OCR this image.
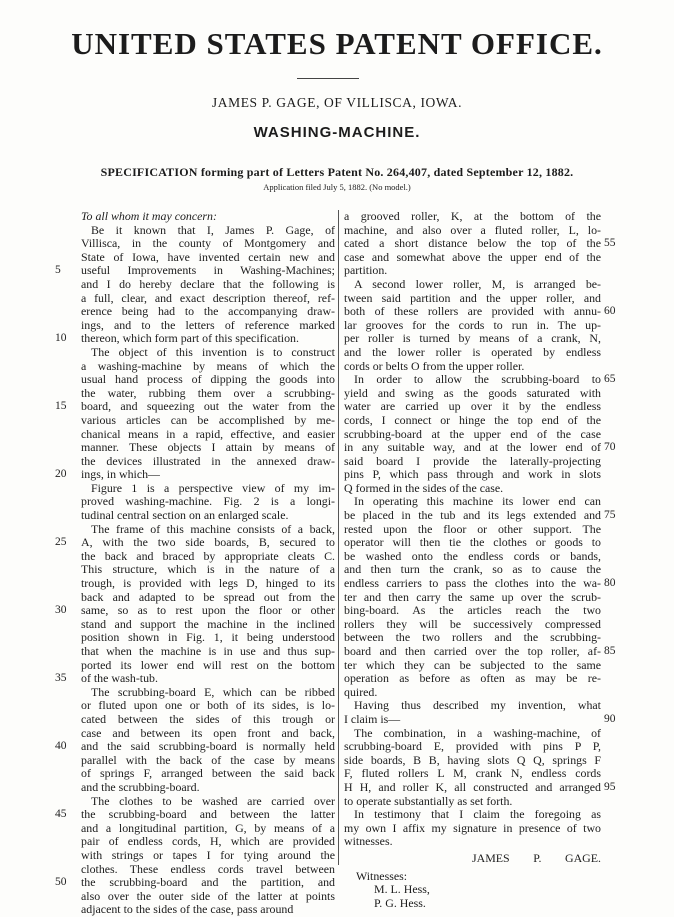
UNITED STATES PATENT OFFICE.
JAMES P. GAGE, OF VILLISCA, IOWA.
WASHING-MACHINE.
SPECIFICATION forming part of Letters Patent No. 264,407, dated September 12, 1882.
Application filed July 5, 1882. (No model.)
To all whom it may concern:
Be it known that I, James P. Gage, of
Villisca, in the county of Montgomery and
State of Iowa, have invented certain new and
useful Improvements in Washing-Machines;
and I do hereby declare that the following is
a full, clear, and exact description thereof, ref-
erence being had to the accompanying draw-
ings, and to the letters of reference marked
thereon, which form part of this specification.
The object of this invention is to construct
a washing-machine by means of which the
usual hand process of dipping the goods into
the water, rubbing them over a scrubbing-
board, and squeezing out the water from the
various articles can be accomplished by me-
chanical means in a rapid, effective, and easier
manner. These objects I attain by means of
the devices illustrated in the annexed draw-
ings, in which—
Figure 1 is a perspective view of my im-
proved washing-machine. Fig. 2 is a longi-
tudinal central section on an enlarged scale.
The frame of this machine consists of a back,
A, with the two side boards, B, secured to
the back and braced by appropriate cleats C.
This structure, which is in the nature of a
trough, is provided with legs D, hinged to its
back and adapted to be spread out from the
same, so as to rest upon the floor or other
stand and support the machine in the inclined
position shown in Fig. 1, it being understood
that when the machine is in use and thus sup-
ported its lower end will rest on the bottom
of the wash-tub.
The scrubbing-board E, which can be ribbed
or fluted upon one or both of its sides, is lo-
cated between the sides of this trough or
case and between its open front and back,
and the said scrubbing-board is normally held
parallel with the back of the case by means
of springs F, arranged between the said back
and the scrubbing-board.
The clothes to be washed are carried over
the scrubbing-board and between the latter
and a longitudinal partition, G, by means of a
pair of endless cords, H, which are provided
with strings or tapes I for tying around the
clothes. These endless cords travel between
the scrubbing-board and the partition, and
also over the outer side of the latter at points
adjacent to the sides of the case, pass around
a grooved roller, K, at the bottom of the
machine, and also over a fluted roller, L, lo-
cated a short distance below the top of the
case and somewhat above the upper end of the
partition.
A second lower roller, M, is arranged be-
tween said partition and the upper roller, and
both of these rollers are provided with annu-
lar grooves for the cords to run in. The up-
per roller is turned by means of a crank, N,
and the lower roller is operated by endless
cords or belts O from the upper roller.
In order to allow the scrubbing-board to
yield and swing as the goods saturated with
water are carried up over it by the endless
cords, I connect or hinge the top end of the
scrubbing-board at the upper end of the case
in any suitable way, and at the lower end of
said board I provide the laterally-projecting
pins P, which pass through and work in slots
Q formed in the sides of the case.
In operating this machine its lower end can
be placed in the tub and its legs extended and
rested upon the floor or other support. The
operator will then tie the clothes or goods to
be washed onto the endless cords or bands,
and then turn the crank, so as to cause the
endless carriers to pass the clothes into the wa-
ter and then carry the same up over the scrub-
bing-board. As the articles reach the two
rollers they will be successively compressed
between the two rollers and the scrubbing-
board and then carried over the top roller, af-
ter which they can be subjected to the same
operation as before as often as may be re-
quired.
Having thus described my invention, what
I claim is—
The combination, in a washing-machine, of
scrubbing-board E, provided with pins P P,
side boards, B B, having slots Q Q, springs F
F, fluted rollers L M, crank N, endless cords
H H, and roller K, all constructed and arranged
to operate substantially as set forth.
In testimony that I claim the foregoing as
my own I affix my signature in presence of two
witnesses.
JAMES P. GAGE.
Witnesses:
M. L. Hess,
P. G. Hess.
5
10
15
20
25
30
35
40
45
50
55
60
65
70
75
80
85
90
95
